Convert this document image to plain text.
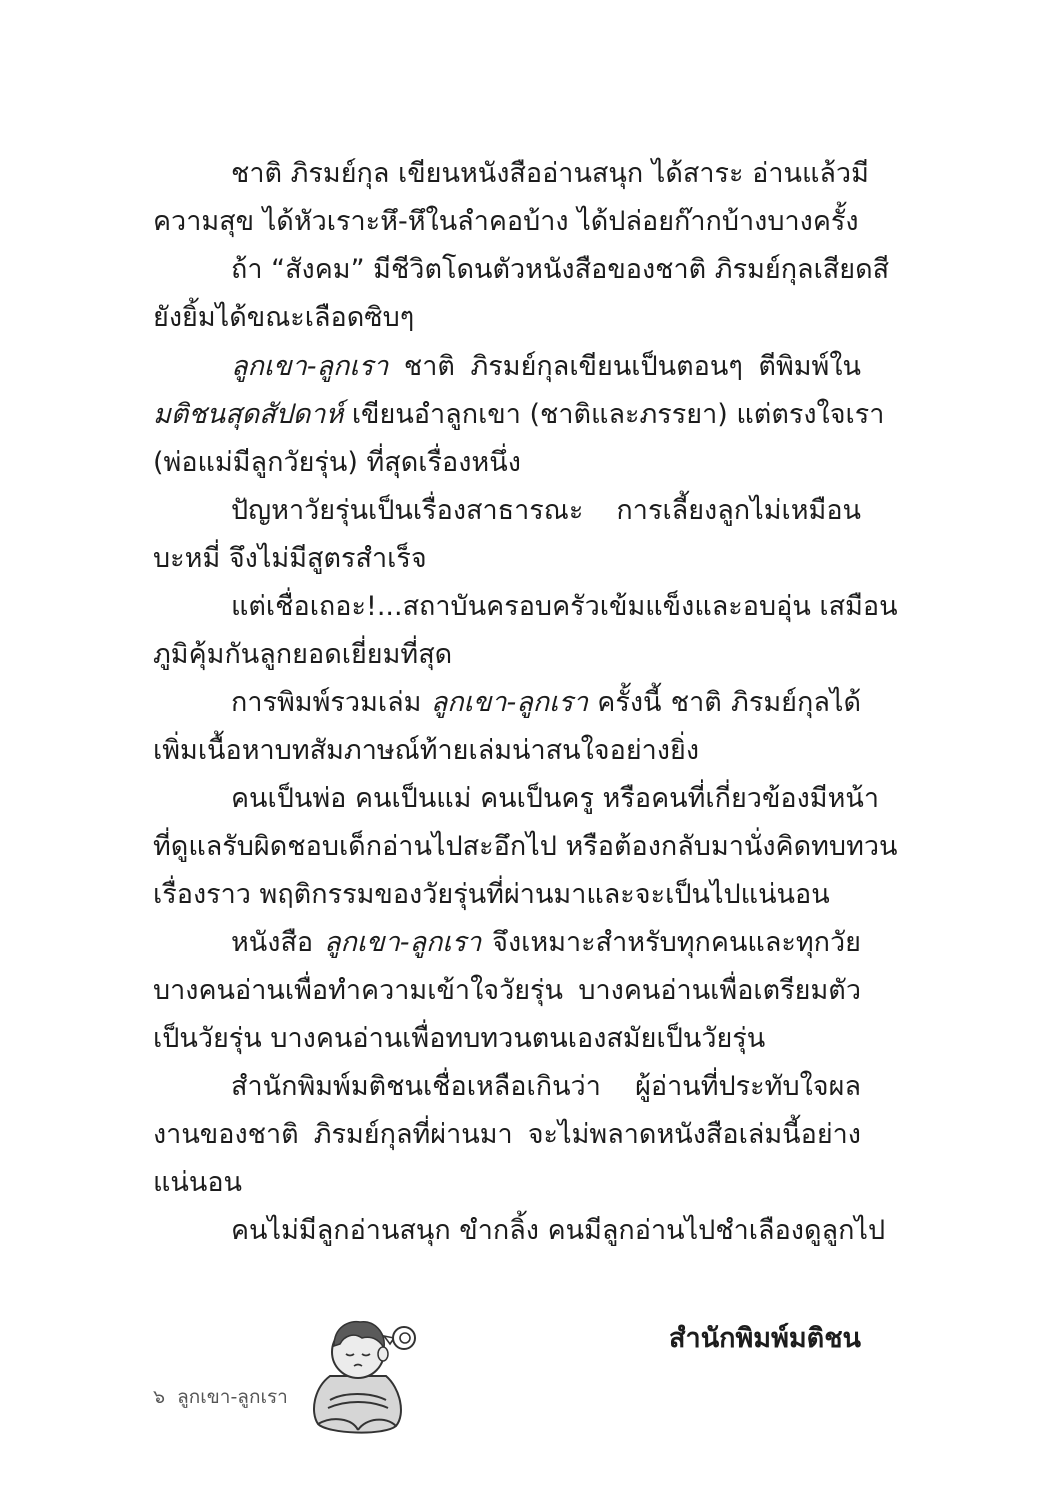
ชาติ ภิรมย์กุล เขียนหนังสืออ่านสนุก ได้สาระ อ่านแล้วมี
ความสุข ได้หัวเราะหึ-หึในลำคอบ้าง ได้ปล่อยก๊ากบ้างบางครั้ง
ถ้า “สังคม” มีชีวิตโดนตัวหนังสือของชาติ ภิรมย์กุลเสียดสี
ยังยิ้มได้ขณะเลือดซิบๆ
ลูกเขา-ลูกเรา ชาติ ภิรมย์กุลเขียนเป็นตอนๆ ตีพิมพ์ใน
มติชนสุดสัปดาห์ เขียนอำลูกเขา (ชาติและภรรยา) แต่ตรงใจเรา
(พ่อแม่มีลูกวัยรุ่น) ที่สุดเรื่องหนึ่ง
ปัญหาวัยรุ่นเป็นเรื่องสาธารณะ การเลี้ยงลูกไม่เหมือน
บะหมี่ จึงไม่มีสูตรสำเร็จ
แต่เชื่อเถอะ!...สถาบันครอบครัวเข้มแข็งและอบอุ่น เสมือน
ภูมิคุ้มกันลูกยอดเยี่ยมที่สุด
การพิมพ์รวมเล่ม ลูกเขา-ลูกเรา ครั้งนี้ ชาติ ภิรมย์กุลได้
เพิ่มเนื้อหาบทสัมภาษณ์ท้ายเล่มน่าสนใจอย่างยิ่ง
คนเป็นพ่อ คนเป็นแม่ คนเป็นครู หรือคนที่เกี่ยวข้องมีหน้า
ที่ดูแลรับผิดชอบเด็กอ่านไปสะอึกไป หรือต้องกลับมานั่งคิดทบทวน
เรื่องราว พฤติกรรมของวัยรุ่นที่ผ่านมาและจะเป็นไปแน่นอน
หนังสือ ลูกเขา-ลูกเรา จึงเหมาะสำหรับทุกคนและทุกวัย
บางคนอ่านเพื่อทำความเข้าใจวัยรุ่น บางคนอ่านเพื่อเตรียมตัว
เป็นวัยรุ่น บางคนอ่านเพื่อทบทวนตนเองสมัยเป็นวัยรุ่น
สำนักพิมพ์มติชนเชื่อเหลือเกินว่า ผู้อ่านที่ประทับใจผล
งานของชาติ ภิรมย์กุลที่ผ่านมา จะไม่พลาดหนังสือเล่มนี้อย่าง
แน่นอน
คนไม่มีลูกอ่านสนุก ขำกลิ้ง คนมีลูกอ่านไปชำเลืองดูลูกไป
สำนักพิมพ์มติชน
๖ ลูกเขา-ลูกเรา
